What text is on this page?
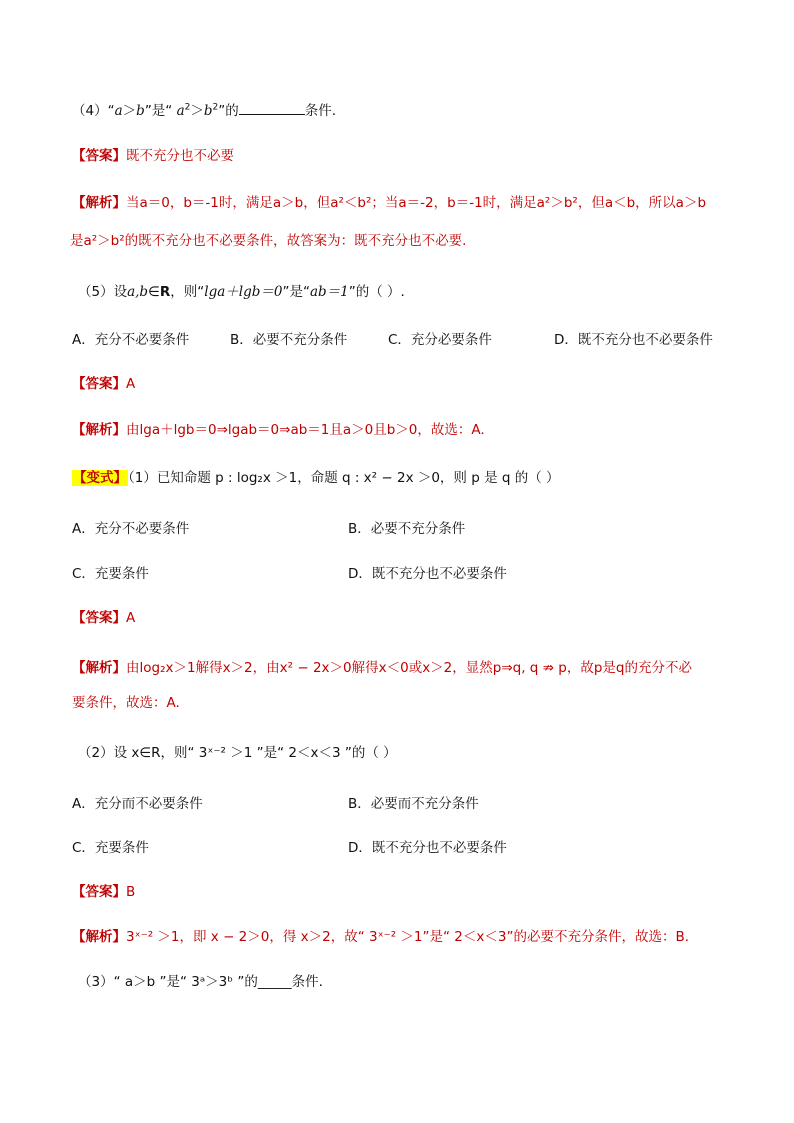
（4）“a＞b”是“ $a^2>b^2$”的	条件.
【答案】既不充分也不必要
【解析】当a＝0，b＝-1时，满足a＞b，但a²＜b²；当a＝-2，b＝-1时，满足a²＞b²，但a＜b，所以a＞b
是a²＞b²的既不充分也不必要条件，故答案为：既不充分也不必要.
（5）设a,b∈R，则“lga＋lgb＝0”是“ab＝1”的（ ）.
A．充分不必要条件	B．必要不充分条件	C．充分必要条件	D．既不充分也不必要条件
【答案】A
【解析】由lga＋lgb＝0⇒lgab＝0⇒ab＝1且a＞0且b＞0，故选：A.
【变式】（1）已知命题 p : log₂x ＞1，命题 q : x² − 2x ＞0，则 p 是 q 的（ ）
A．充分不必要条件	B．必要不充分条件
C．充要条件	D．既不充分也不必要条件
【答案】A
【解析】由log₂x＞1解得x＞2，由x² − 2x＞0解得x＜0或x＞2，显然p⇒q, q ⇏ p，故p是q的充分不必
要条件，故选：A.
（2）设 x∈R，则“ 3ˣ⁻² ＞1 ”是“ 2＜x＜3 ”的（ ）
A．充分而不必要条件	B．必要而不充分条件
C．充要条件	D．既不充分也不必要条件
【答案】B
【解析】3ˣ⁻² ＞1，即 x − 2＞0，得 x＞2，故“ 3ˣ⁻² ＞1”是“ 2＜x＜3”的必要不充分条件，故选：B.
（3）“ a＞b ”是“ 3ᵃ＞3ᵇ ”的_____条件.
